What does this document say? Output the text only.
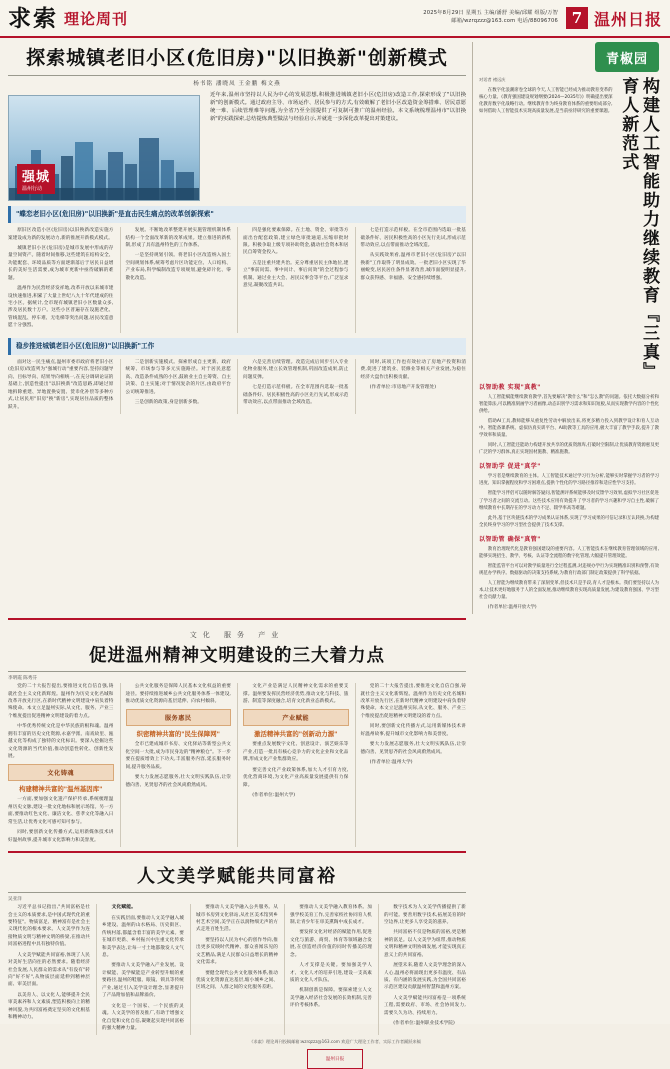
求索 理论周刊	2025年8月29日 星期五 主编/潘舒 美编/邱耀 组版/万智
邮箱/wzrqzzz@163.com 电话/88096706 7 温州日报
探索城镇老旧小区(危旧房)"以旧换新"创新模式
杨书铭 潘晓凤 王金鹏 梅文燕
强城
温州行动
近年来,温州市坚持以人民为中心的发展思想,积极推进城镇老旧小区(危旧房)改造工作,探索形成了"以旧换新"的创新模式。通过政府主导、市场运作、居民参与的方式,有效破解了老旧小区改造资金筹措难、居民意愿统一难、后续管理难等问题,为全省乃至全国提供了可复制可推广的温州经验。本文系统梳理温州市"以旧换新"的实践探索,总结提炼典型做法与经验启示,并就进一步深化改革提出对策建议。
"蝶恋老旧小区(危旧房)"以旧换新"是直击民生痛点的改革创新探索"

原旧区改造小区(危旧房)以旧换新改造实施方案建设成为新的发展动力,新的推展开新模式模式。

城镇老旧小区(危旧房)是城市发展中形成的存量空间资产。随着时间推移,这些建筑在结构安全、功能配套、环境品质等方面逐渐落后于居民日益增长的美好生活需要,成为城市更新中亟待破解的难题。

温州作为民营经济发祥地,改革开放以来城市建设快速推进,积累了大量上世纪八九十年代建成的住宅小区。据统计,全市现有城镇老旧小区数量众多,涉及居民数十万户。这些小区普遍存在设施老化、管线混乱、停车难、无电梯等突出问题,居民改造意愿十分强烈。

发展。不断地改革整建开展实施管理机制体系结构一个全面改革新的改革成果。建立推进的新机制,形成了具有温州特色的工作体系。

一是坚持规划引领。将老旧小区改造纳入国土空间规划体系,统筹考虑片区功能定位、人口结构、产业布局,科学编制改造专项规划,避免碎片化、零散化改造。

四是强化要素保障。在土地、资金、审批等方面出台配套政策,建立绿色审批通道,压缩审批时限。积极争取上级专项补助资金,撬动社会资本和居民自筹资金投入。

五是注重共建共治。充分尊重居民主体地位,建立"事前问需、事中问计、事后问效"的全过程参与机制。通过业主大会、居民议事会等平台,广泛征求意见,凝聚改造共识。

七是打造示范样板。在全市范围内选取一批基础条件好、居民积极性高的小区先行先试,形成示范带动效应,以点带面推动全域改造。

从实践效果看,温州市老旧小区(危旧房)"以旧换新"工作取得了明显成效。一批老旧小区实现了华丽蜕变,居民居住条件显著改善,城市面貌明显提升,群众获得感、幸福感、安全感持续增强。

稳步推进城镇老旧小区(危旧房)"以旧换新"工作

面对这一民生痛点,温州市委市政府将老旧小区(危旧房)改造列为"强城行动"重要内容,坚持问题导向、目标导向、结果导向相统一,在充分调研论证的基础上,创造性提出"以旧换新"改造思路,即通过原地拆除重建、异地置换安置、货币化补偿等多种方式,让居民用"旧房"换"新房",实现居住品质的整体跃升。

二是创新实施模式。探索形成自主更新、政府统筹、市场参与等多元实施路径。对于居民意愿高、改造条件成熟的小区,鼓励业主自主筹资、自主决策、自主实施;对于情况复杂的片区,由政府平台公司统筹推进。

三是创新的政策,身是创新多数。

六是完善后续管理。改造完成后同步引入专业化物业服务,建立长效管理机制,巩固改造成果,防止问题反弹。

七是打造示范样板。在全市范围内选取一批基础条件好、居民积极性高的小区先行先试,形成示范带动效应,以点带面推动全域改造。

同时,该项工作也有效拉动了房地产投资和消费,促进了建筑业、装修业等相关产业发展,为稳住经济大盘作出积极贡献。

(作者单位:市房地产开发管理处)

青椒园
对话者 褚远庆

在数字化浪潮席卷全球的今天,人工智能已经成为推动教育变革的核心力量。《教育强国建设规划纲要(2024—2035年)》明确提出要深化教育数字化战略行动。继续教育作为终身教育体系的重要组成部分,如何借助人工智能技术实现高质量发展,是当前亟待研究的重要课题。	构建人工智能助力继续教育『三真』育人新范式
以智助教 实现"真教"

人工智能赋能继续教育教学,首先要解决"教什么"和"怎么教"的问题。依托大数据分析和智能算法,可以精准刻画学习者画像,动态识别学习需求和知识短板,从而实现教学内容的个性化供给。

借助AI工具,教师能够从重复性劳动中解放出来,将更多精力投入到教学设计和育人互动中。智能备课系统、虚拟仿真实训平台、AI助教等工具的应用,极大丰富了教学手段,提升了教学效率和质量。

同时,人工智能还能助力构建开放共享的优质资源库,打破时空限制,让优质教育资源惠及更广泛的学习群体,真正实现因材施教、精准施教。

以智助学 促进"真学"

学习者是继续教育的主体。人工智能技术通过学习行为分析,能够实时掌握学习者的学习进度、知识掌握程度和学习困难点,提供个性化的学习路径推荐和适应性学习支持。

智能学习伴侣可以随时解答疑问,智能测评系统能够及时反馈学习效果,虚拟学习社区促进了学习者之间的交流互动。这些技术应用有效提升了学习者的学习兴趣和学习自主性,破解了继续教育中长期存在的学习动力不足、辍学率高等难题。

此外,基于区块链技术的学习成果认证体系,实现了学习成果的可信记录和互认转换,为构建全民终身学习的学习型社会提供了技术支撑。

以智助管 确保"真管"

教育治理现代化是教育强国建设的重要内容。人工智能技术在继续教育管理领域的应用,能够实现招生、教学、考核、认证等全流程的数字化管理,大幅提升管理效能。

智能监管平台可以对教学质量进行全过程监测,对违规办学行为实现精准识别和预警,有效规范办学秩序。数据驱动的决策支持系统,为教育行政部门制定政策提供了科学依据。

人工智能为继续教育带来了深刻变革,但技术只是手段,育人才是根本。我们要坚持以人为本,让技术更好地服务于人的全面发展,推动继续教育实现高质量发展,为建设教育强国、学习型社会贡献力量。

(作者单位:温州开放大学)

文化 服务 产业
促进温州精神文明建设的三大着力点
李明霞 陈秀芬

党的二十大报告提出,要推进文化自信自强,铸就社会主义文化新辉煌。温州作为历史文化名城和改革开放先行区,在新时代精神文明建设中肩负着特殊使命。本文立足温州实际,从文化、服务、产业三个维度提出促进精神文明建设的着力点。

中华优秀传统文化是中华民族的根和魂。温州拥有丰富的历史文化资源,永嘉学派、南戏故里、瓯越文化等构成了独特的文化标识。要深入挖掘这些文化资源的当代价值,推动创造性转化、创新性发展。

文化铸魂
构建精神共富的"温州基因库"

一方面,要加强文化遗产保护传承,系统梳理温州历史文脉,建设一批文化地标和展示场馆。另一方面,要推动红色文化、廉洁文化、慈孝文化等融入日常生活,让优秀文化可感可知可参与。

同时,要创新文化传播方式,运用新媒体技术讲好温州故事,提升城市文化影响力和美誉度。

公共文化服务是保障人民基本文化权益的重要途径。要持续推进城乡公共文化服务体系一体建设,推动优质文化资源向基层延伸、向农村倾斜。

服务惠民
织密精神共富的"民生保障网"

全市已建成城市书房、文化驿站等新型公共文化空间一大批,成为市民身边的"精神粮仓"。下一步要在提质增效上下功夫,丰富服务内容,延长服务时间,提升服务品质。

要大力发展志愿服务,壮大文明实践队伍,让崇德向善、见贤思齐的社会风尚蔚然成风。

文化产业是满足人民精神文化需求的重要支撑。温州要发挥民营经济优势,推动文化与科技、旅游、制造等深度融合,培育文化新业态新模式。

产业赋能
激活精神共富的"创新动力源"

要重点发展数字文化、创意设计、演艺娱乐等产业,打造一批具有核心竞争力的文化企业和文化品牌,形成文化产业集群效应。

要完善文化产业政策体系,加大人才引育力度,优化营商环境,为文化产业高质量发展提供有力保障。

(作者单位:温州大学)

党的二十大报告提出,要推进文化自信自强,铸就社会主义文化新辉煌。温州作为历史文化名城和改革开放先行区,在新时代精神文明建设中肩负着特殊使命。本文立足温州实际,从文化、服务、产业三个维度提出促进精神文明建设的着力点。

同时,要创新文化传播方式,运用新媒体技术讲好温州故事,提升城市文化影响力和美誉度。

要大力发展志愿服务,壮大文明实践队伍,让崇德向善、见贤思齐的社会风尚蔚然成风。

(作者单位:温州大学)

人文美学赋能共同富裕
吴亚洋

习近平总书记指出,"共同富裕是社会主义的本质要求,是中国式现代化的重要特征"。物质富足、精神富有是社会主义现代化的根本要求。人文美学作为连接物质文明与精神文明的桥梁,在推动共同富裕进程中具有独特价值。

人文美学赋能共同富裕,体现了人民对美好生活向往的必然要求。随着经济社会发展,人民群众的需求从"有没有"转向"好不好",从物质层面延伸到精神层面、审美层面。

以美育人、以文化人,能够提升全民审美素养和人文素质,塑造积极向上的精神风貌,为共同富裕奠定坚实的文化根基和精神动力。

文化赋能。

在实践层面,要推动人文美学融入城乡建设。温州的山水格局、历史街区、传统村落,都蕴含着丰富的美学元素。要在城市更新、乡村振兴中注重文化传承和美学表达,让每一寸土地都散发人文气息。

要推动人文美学融入产业发展。设计赋能、美学赋能是产业转型升级的重要路径,温州的鞋服、眼镜、锁具等传统产业,通过引入美学设计理念,显著提升了产品附加值和品牌溢价。

文化是一个国家、一个民族的灵魂。人文美学的普及推广,有助于增强文化自觉和文化自信,凝聚起实现共同富裕的强大精神力量。

要推动人文美学融入公共服务。从城市书房到文化驿站,从社区美术馆到乡村艺术空间,美学正在以润物细无声的方式走进百姓生活。

要坚持以人民为中心的创作导向,推出更多反映时代精神、群众喜闻乐见的文艺精品,满足人民群众日益增长的精神文化需求。

要健全现代公共文化服务体系,推动优质文化资源直达基层,缩小城乡之间、区域之间、人群之间的文化服务差距。

要推动人文美学融入教育体系。加强学校美育工作,完善家校社协同育人机制,让青少年在审美熏陶中成长成才。

要发挥文化对经济的赋能作用,促进文化与旅游、商贸、体育等领域融合发展,在创造经济价值的同时传播美的理念。

人才支撑是关键。要加强美学人才、文化人才的培养引进,建设一支高素质的文化人才队伍。

机制创新是保障。要探索建立人文美学融入经济社会发展的长效机制,完善评价考核体系。

数字技术为人文美学传播提供了新的可能。要善用数字技术,拓展美育的时空边界,让更多人享受美的滋养。

共同富裕不仅是物质的富裕,更是精神的富足。以人文美学为纽带,推动物质文明和精神文明协调发展,才能实现真正意义上的共同富裕。

展望未来,随着人文美学理念的深入人心,温州必将涌现出更多有温度、有品质、有内涵的发展实践,为全国共同富裕示范区建设贡献温州智慧和温州方案。

人文美学赋能共同富裕是一项系统工程,需要政府、市场、社会协同发力,需要久久为功、持续用力。

(作者单位:温州职业技术学院)

《求索》理论周刊投稿邮箱:wzrqzzz@163.com 欢迎广大理论工作者、实际工作者踊跃来稿
温州日报
